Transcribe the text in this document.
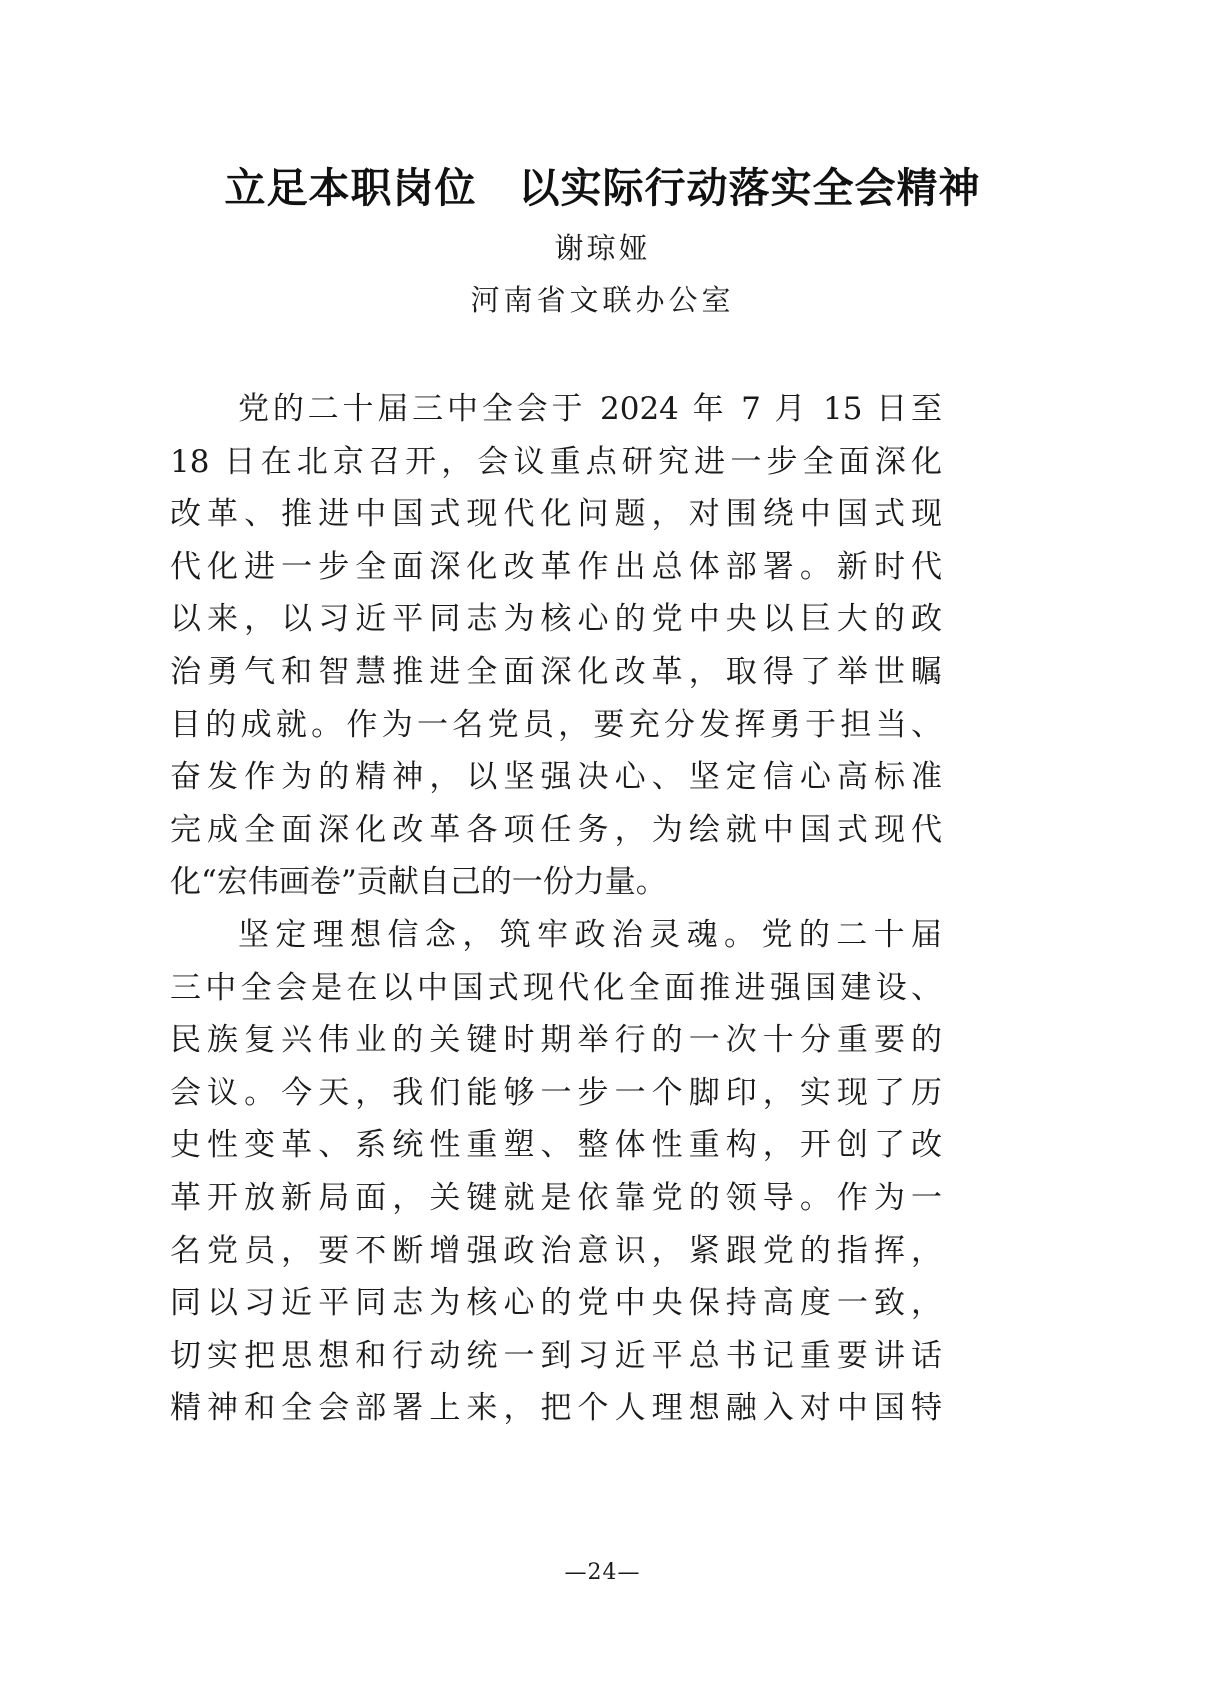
立足本职岗位　以实际行动落实全会精神
谢琼娅
河南省文联办公室
党的二十届三中全会于 2024 年 7 月 15 日至
18 日在北京召开，会议重点研究进一步全面深化
改革、推进中国式现代化问题，对围绕中国式现
代化进一步全面深化改革作出总体部署。新时代
以来，以习近平同志为核心的党中央以巨大的政
治勇气和智慧推进全面深化改革，取得了举世瞩
目的成就。作为一名党员，要充分发挥勇于担当、
奋发作为的精神，以坚强决心、坚定信心高标准
完成全面深化改革各项任务，为绘就中国式现代
化“宏伟画卷”贡献自己的一份力量。
坚定理想信念，筑牢政治灵魂。党的二十届
三中全会是在以中国式现代化全面推进强国建设、
民族复兴伟业的关键时期举行的一次十分重要的
会议。今天，我们能够一步一个脚印，实现了历
史性变革、系统性重塑、整体性重构，开创了改
革开放新局面，关键就是依靠党的领导。作为一
名党员，要不断增强政治意识，紧跟党的指挥，
同以习近平同志为核心的党中央保持高度一致，
切实把思想和行动统一到习近平总书记重要讲话
精神和全会部署上来，把个人理想融入对中国特
—24—
